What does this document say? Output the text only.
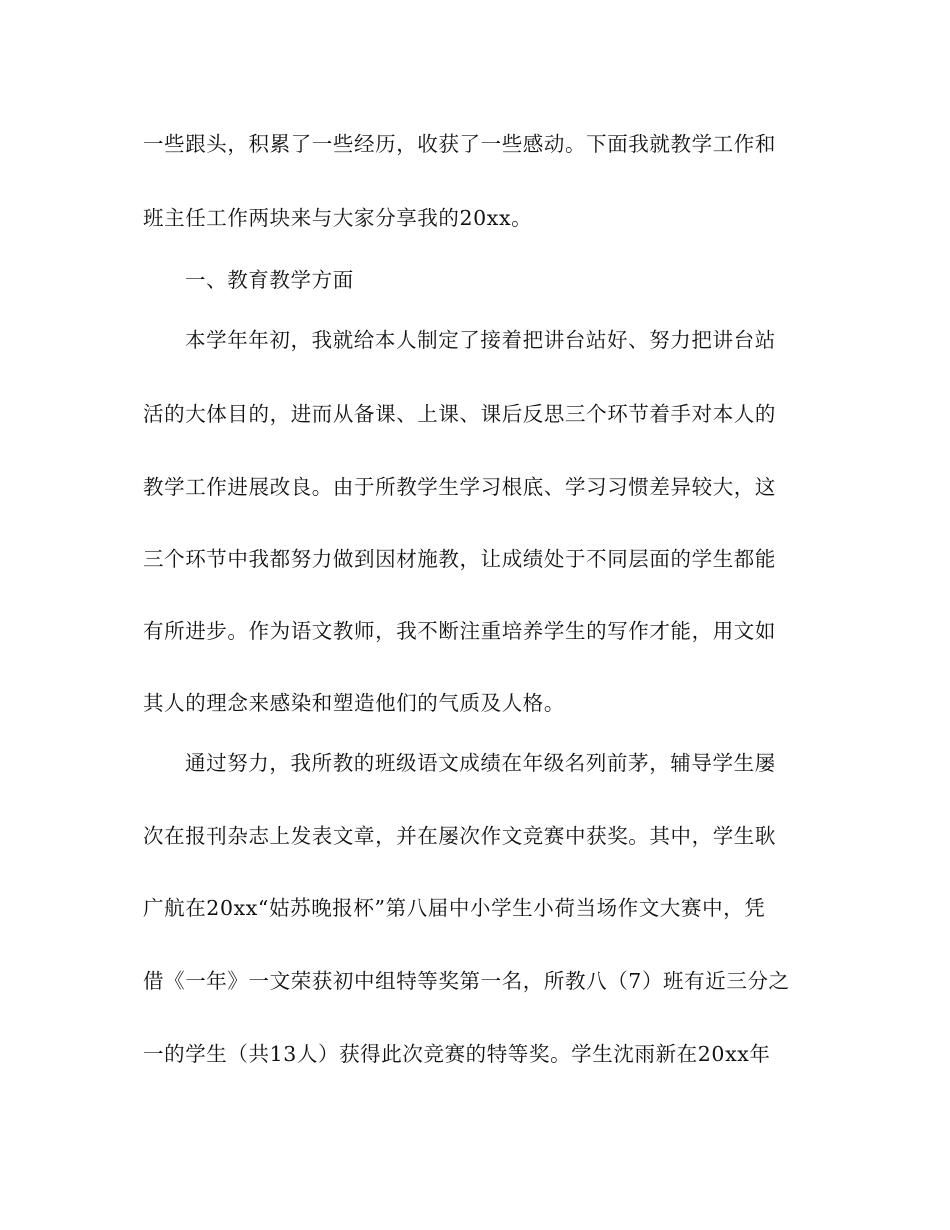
一些跟头，积累了一些经历，收获了一些感动。下面我就教学工作和
班主任工作两块来与大家分享我的20xx。
一、教育教学方面
本学年年初，我就给本人制定了接着把讲台站好、努力把讲台站
活的大体目的，进而从备课、上课、课后反思三个环节着手对本人的
教学工作进展改良。由于所教学生学习根底、学习习惯差异较大，这
三个环节中我都努力做到因材施教，让成绩处于不同层面的学生都能
有所进步。作为语文教师，我不断注重培养学生的写作才能，用文如
其人的理念来感染和塑造他们的气质及人格。
通过努力，我所教的班级语文成绩在年级名列前茅，辅导学生屡
次在报刊杂志上发表文章，并在屡次作文竞赛中获奖。其中，学生耿
广航在20xx“姑苏晚报杯”第八届中小学生小荷当场作文大赛中，凭
借《一年》一文荣获初中组特等奖第一名，所教八（7）班有近三分之
一的学生（共13人）获得此次竞赛的特等奖。学生沈雨新在20xx年
